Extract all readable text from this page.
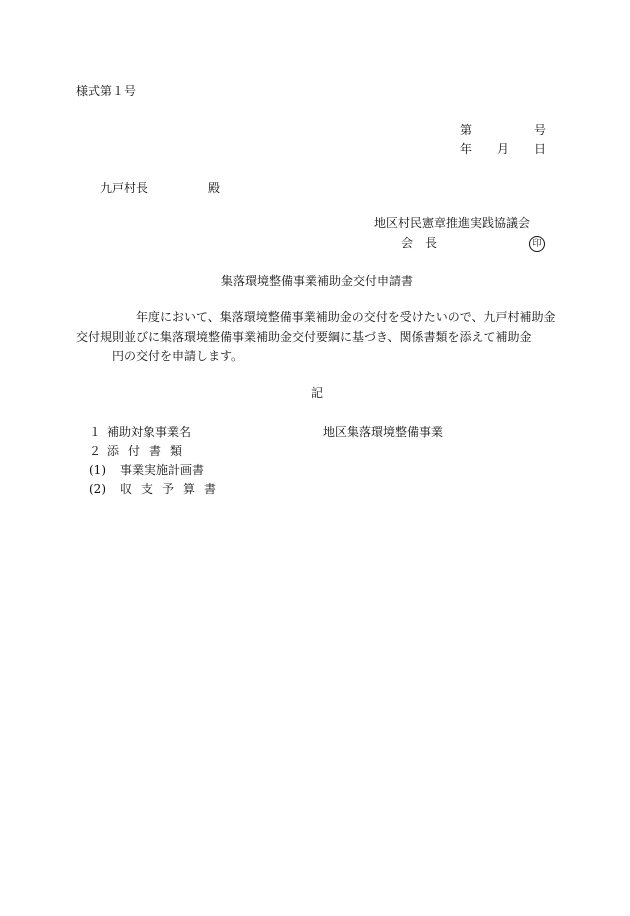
様式第１号
第	号
年 月 日
九戸村長	殿
地区村民憲章推進実践協議会
会　長	印
集落環境整備事業補助金交付申請書
年度において、集落環境整備事業補助金の交付を受けたいので、九戸村補助金
交付規則並びに集落環境整備事業補助金交付要綱に基づき、関係書類を添えて補助金
円の交付を申請します。
記
１ 補助対象事業名	地区集落環境整備事業
２ 添付書類
(1) 事業実施計画書
(2) 収支予算書
